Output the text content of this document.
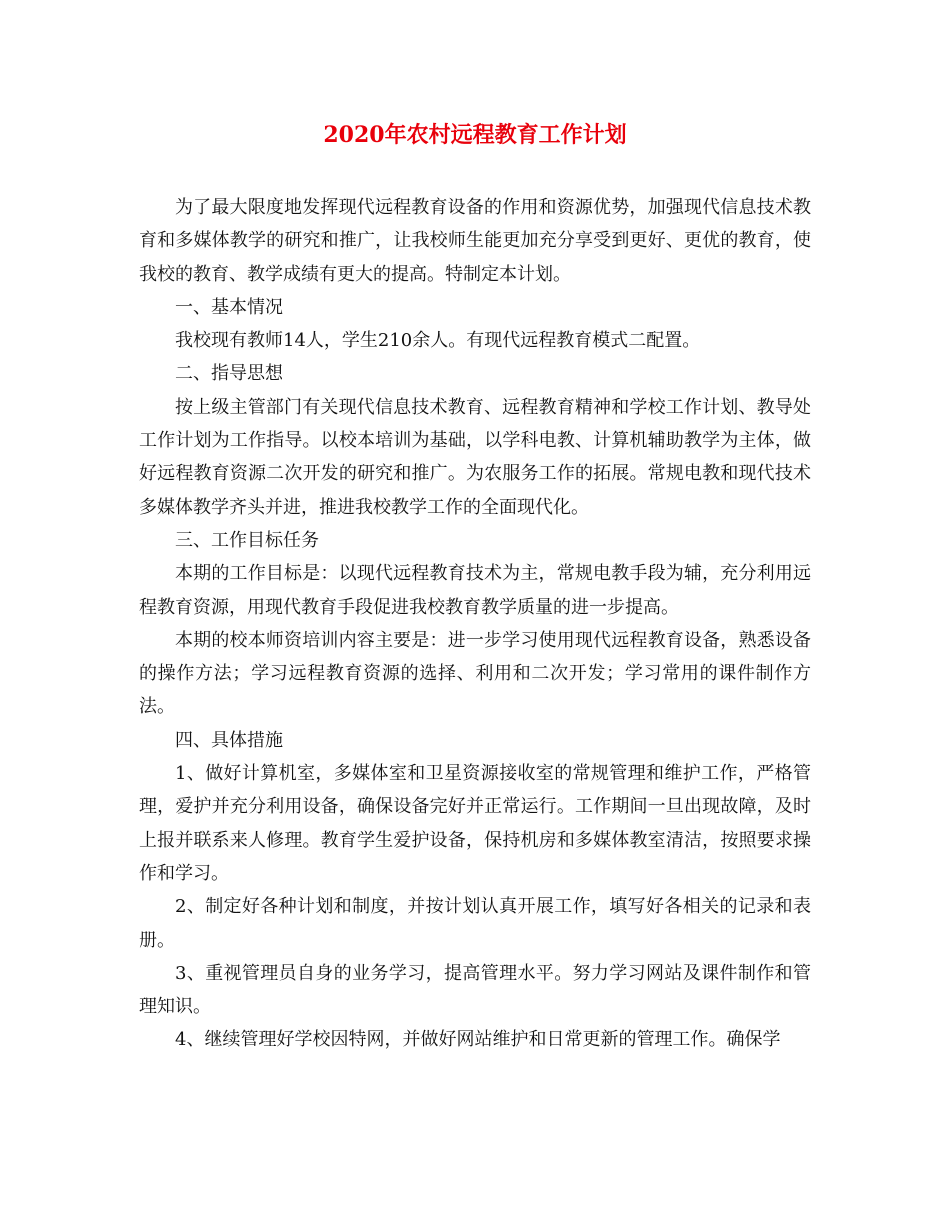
2020年农村远程教育工作计划

为了最大限度地发挥现代远程教育设备的作用和资源优势，加强现代信息技术教育和多媒体教学的研究和推广，让我校师生能更加充分享受到更好、更优的教育，使我校的教育、教学成绩有更大的提高。特制定本计划。

一、基本情况

我校现有教师14人，学生210余人。有现代远程教育模式二配置。

二、指导思想

按上级主管部门有关现代信息技术教育、远程教育精神和学校工作计划、教导处工作计划为工作指导。以校本培训为基础，以学科电教、计算机辅助教学为主体，做好远程教育资源二次开发的研究和推广。为农服务工作的拓展。常规电教和现代技术多媒体教学齐头并进，推进我校教学工作的全面现代化。

三、工作目标任务

本期的工作目标是：以现代远程教育技术为主，常规电教手段为辅，充分利用远程教育资源，用现代教育手段促进我校教育教学质量的进一步提高。

本期的校本师资培训内容主要是：进一步学习使用现代远程教育设备，熟悉设备的操作方法；学习远程教育资源的选择、利用和二次开发；学习常用的课件制作方法。

四、具体措施

1、做好计算机室，多媒体室和卫星资源接收室的常规管理和维护工作，严格管理，爱护并充分利用设备，确保设备完好并正常运行。工作期间一旦出现故障，及时上报并联系来人修理。教育学生爱护设备，保持机房和多媒体教室清洁，按照要求操作和学习。

2、制定好各种计划和制度，并按计划认真开展工作，填写好各相关的记录和表册。

3、重视管理员自身的业务学习，提高管理水平。努力学习网站及课件制作和管理知识。

4、继续管理好学校因特网，并做好网站维护和日常更新的管理工作。确保学
